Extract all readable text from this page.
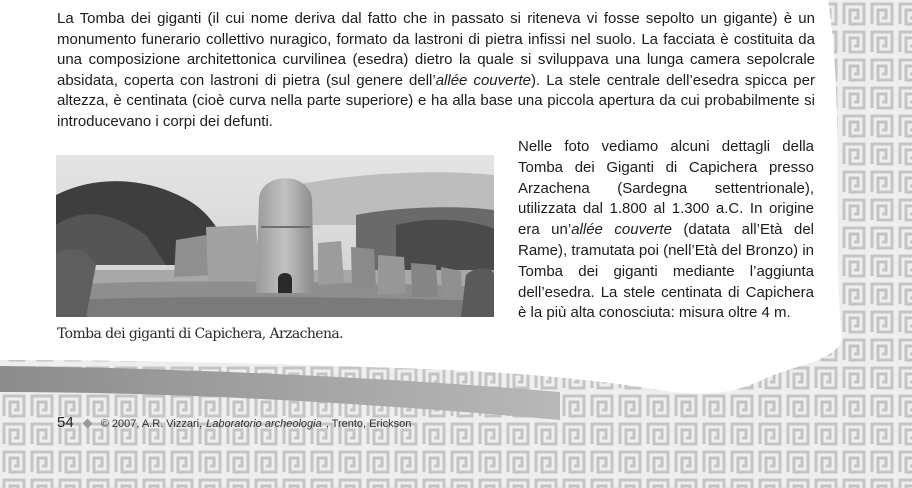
La Tomba dei giganti (il cui nome deriva dal fatto che in passato si riteneva vi fosse sepolto un gigante) è un monumento funerario collettivo nuragico, formato da lastroni di pietra infissi nel suolo. La facciata è costituita da una composizione architettonica curvilinea (esedra) dietro la quale si sviluppava una lunga camera sepolcrale absidata, coperta con lastroni di pietra (sul genere dell’allée couverte). La stele centrale dell’esedra spicca per altezza, è centinata (cioè curva nella parte superiore) e ha alla base una piccola apertura da cui probabilmente si introducevano i corpi dei defunti.

Tomba dei giganti di Capichera, Arzachena.

Nelle foto vediamo alcuni dettagli della Tomba dei Giganti di Capichera presso Arzachena (Sardegna settentrionale), utilizzata dal 1.800 al 1.300 a.C. In origine era un’allée couverte (datata all’Età del Rame), tramutata poi (nell’Età del Bronzo) in Tomba dei giganti mediante l’aggiunta dell’esedra. La stele centinata di Capichera è la più alta conosciuta: misura oltre 4 m.

54 © 2007, A.R. Vizzari, Laboratorio archeologia , Trento, Erickson
